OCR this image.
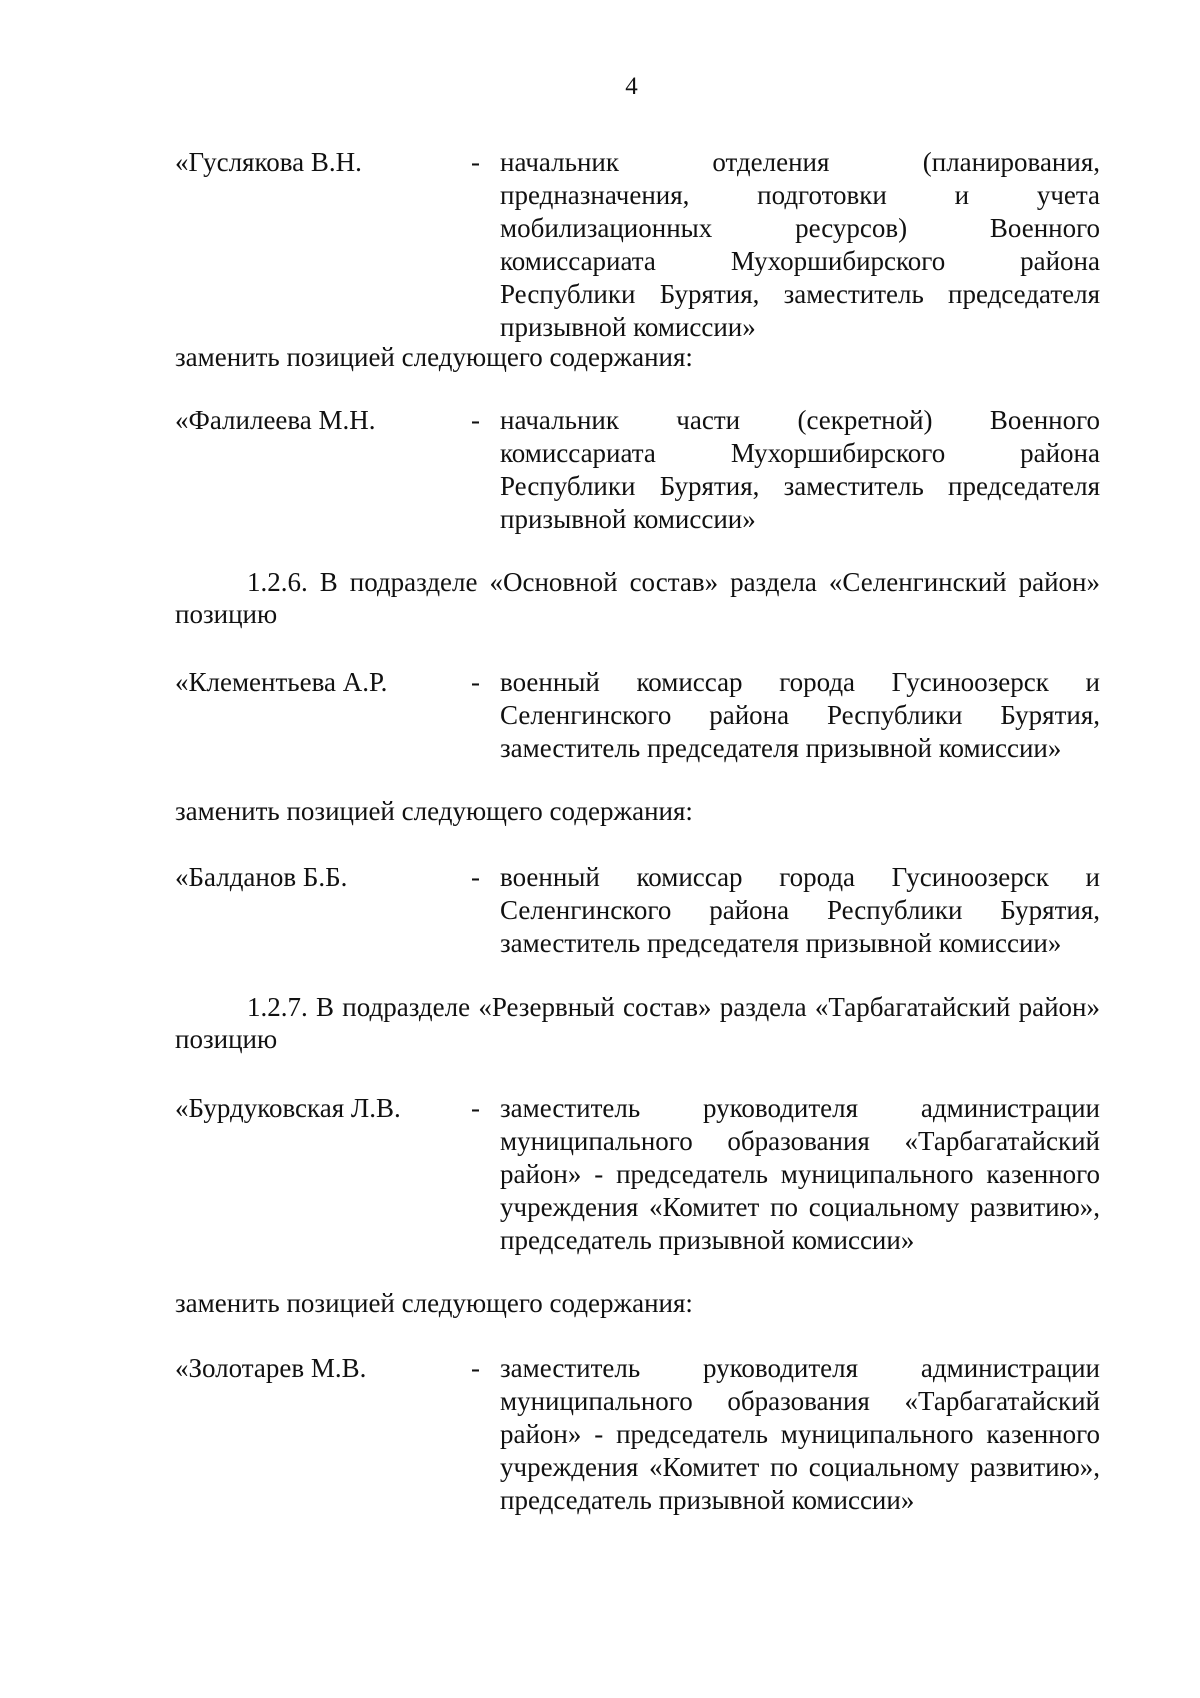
4
«Гуслякова В.Н.	- начальник отделения (планирования, предназначения, подготовки и учета мобилизационных ресурсов) Военного комиссариата Мухоршибирского района Республики Бурятия, заместитель председателя призывной комиссии»
заменить позицией следующего содержания:
«Фалилеева М.Н.	- начальник части (секретной) Военного комиссариата Мухоршибирского района Республики Бурятия, заместитель председателя призывной комиссии»
1.2.6. В подразделе «Основной состав» раздела «Селенгинский район» позицию
«Клементьева А.Р.	- военный комиссар города Гусиноозерск и Селенгинского района Республики Бурятия, заместитель председателя призывной комиссии»
заменить позицией следующего содержания:
«Балданов Б.Б.	- военный комиссар города Гусиноозерск и Селенгинского района Республики Бурятия, заместитель председателя призывной комиссии»
1.2.7. В подразделе «Резервный состав» раздела «Тарбагатайский район» позицию
«Бурдуковская Л.В.	- заместитель руководителя администрации муниципального образования «Тарбагатайский район» - председатель муниципального казенного учреждения «Комитет по социальному развитию», председатель призывной комиссии»
заменить позицией следующего содержания:
«Золотарев М.В.	- заместитель руководителя администрации муниципального образования «Тарбагатайский район» - председатель муниципального казенного учреждения «Комитет по социальному развитию», председатель призывной комиссии»
